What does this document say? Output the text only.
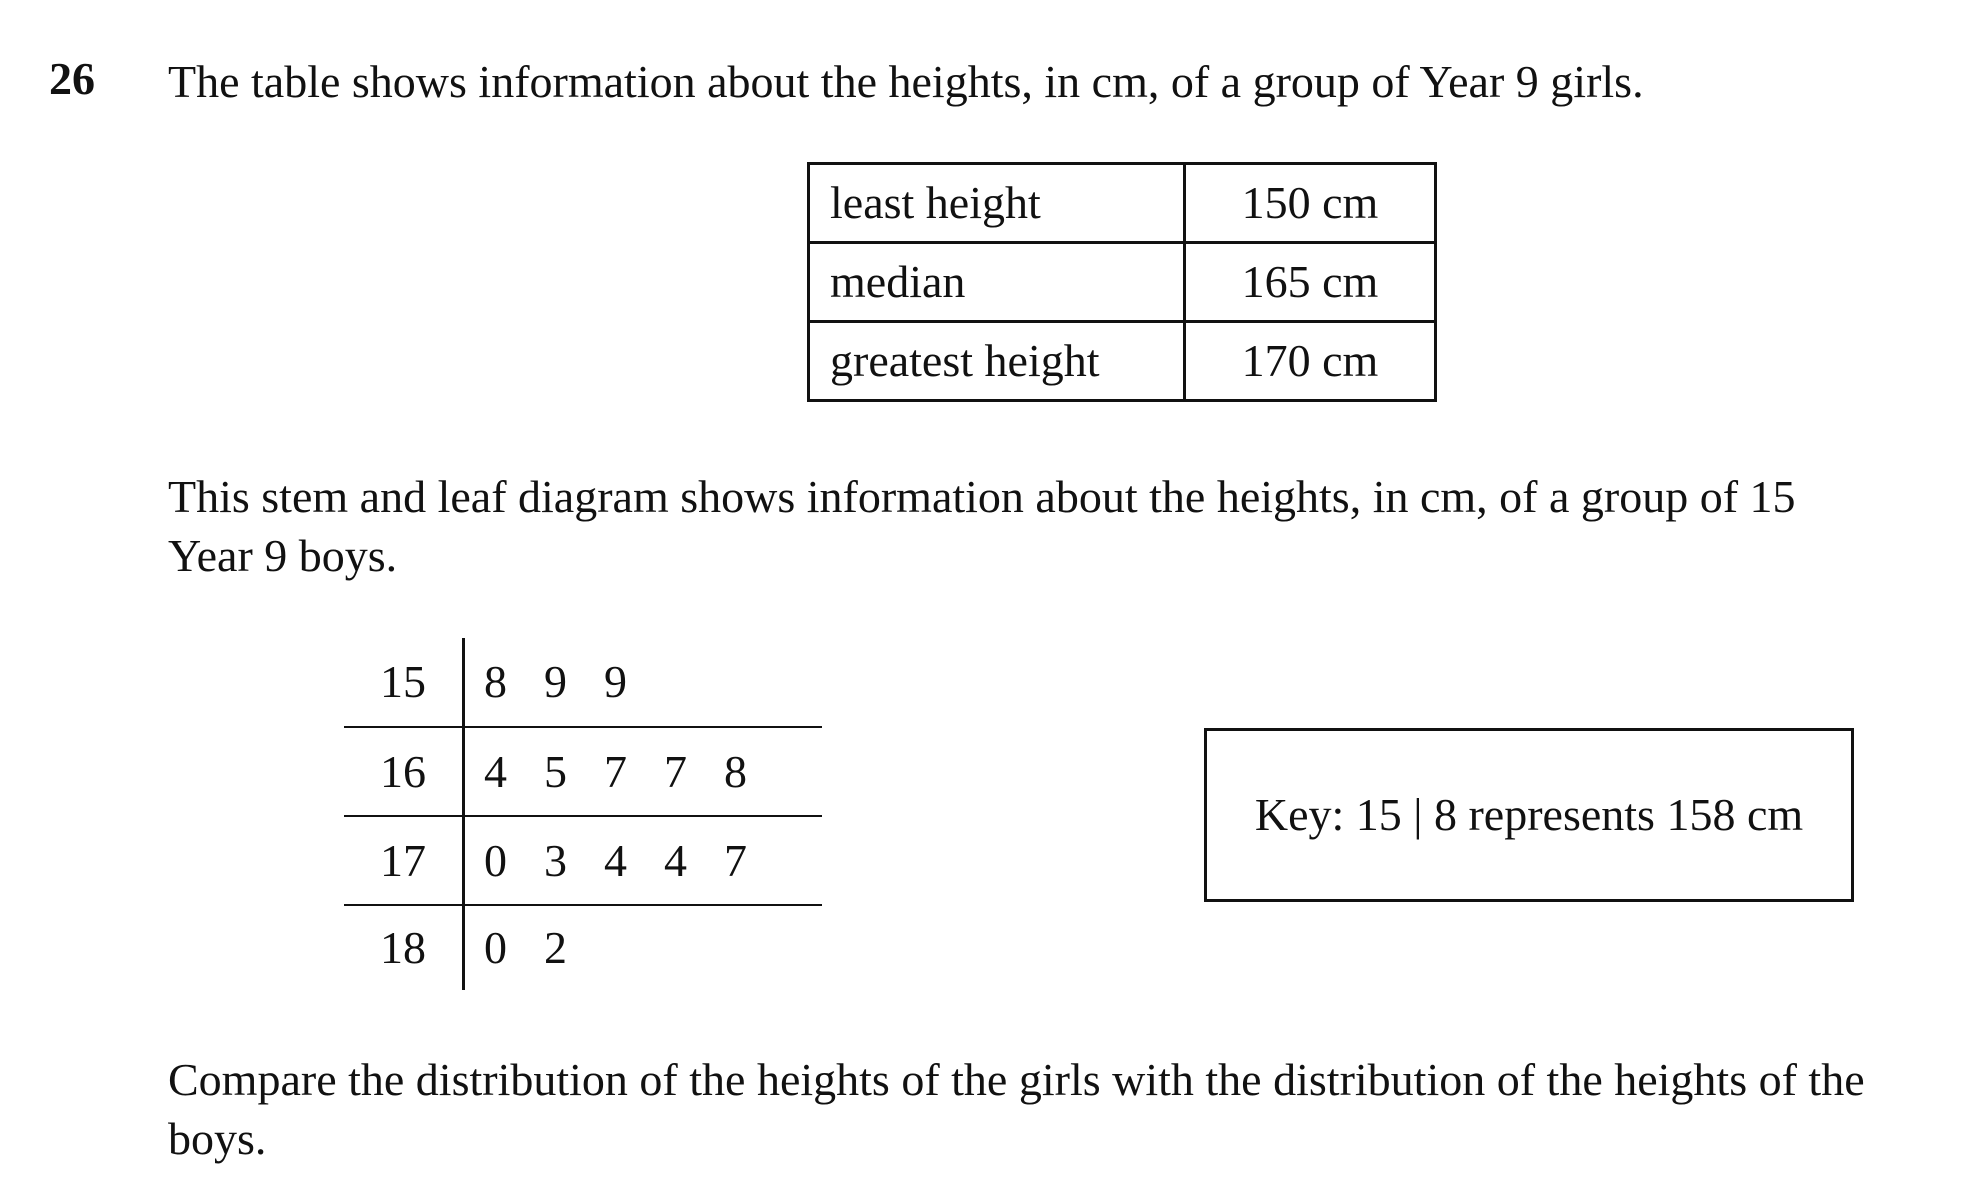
26 The table shows information about the heights, in cm, of a group of Year 9 girls.
least height	150 cm
median	165 cm
greatest height	170 cm
This stem and leaf diagram shows information about the heights, in cm, of a group of 15 Year 9 boys.
15	8 9 9
16	4 5 7 7 8
17	0 3 4 4 7
18	0 2
Key: 15 | 8 represents 158 cm
Compare the distribution of the heights of the girls with the distribution of the heights of the boys.
